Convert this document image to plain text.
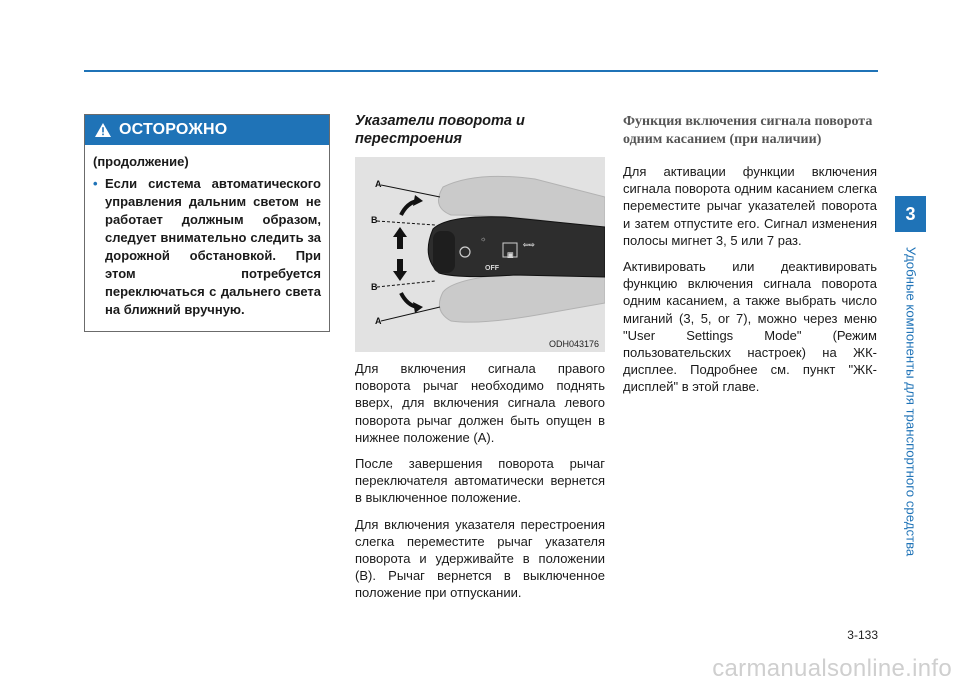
3
Удобные компоненты для транспортного средства
ОСТОРОЖНО
(продолжение)
• Если система автоматического управления дальним светом не работает должным образом, следует внимательно следить за дорожной обстановкой. При этом потребуется переключаться с дальнего света на ближний вручную.
Указатели поворота и перестроения
☼
OFF
▣
⇦⇨
A
B
B
A
ODH043176

Для включения сигнала правого поворота рычаг необходимо поднять вверх, для включения сигнала левого поворота рычаг должен быть опущен в нижнее положение (A).

После завершения поворота рычаг переключателя автоматически вернется в выключенное положение.

Для включения указателя перестроения слегка переместите рычаг указателя поворота и удерживайте в положении (B). Рычаг вернется в выключенное положение при отпускании.

Функция включения сигнала поворота одним касанием (при наличии)

Для активации функции включения сигнала поворота одним касанием слегка переместите рычаг указателей поворота и затем отпустите его. Сигнал изменения полосы мигнет 3, 5 или 7 раз.

Активировать или деактивировать функцию включения сигнала поворота одним касанием, а также выбрать число миганий (3, 5, or 7), можно через меню "User Settings Mode" (Режим пользовательских настроек) на ЖК-дисплее. Подробнее см. пункт "ЖК-дисплей" в этой главе.

3-133
carmanualsonline.info
